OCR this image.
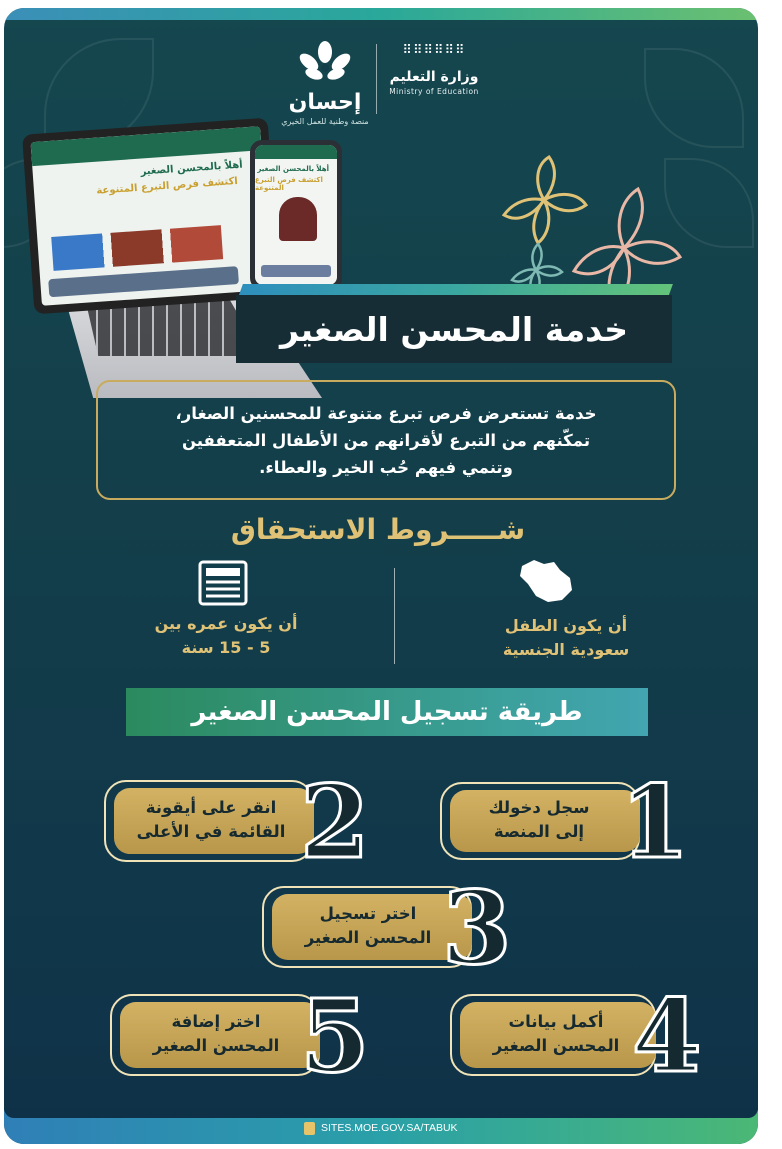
إحسان
منصة وطنية للعمل الخيري
⠿⠿⠿⠿⠿⠿
وزارة التعليم
Ministry of Education
أهلاً بالمحسن الصغير
اكتشف فرص التبرع المتنوعة
أهلاً بالمحسن الصغير
اكتشف فرص التبرع المتنوعة
خدمة المحسن الصغير

خدمة تستعرض فرص تبرع متنوعة للمحسنين الصغار،
تمكّنهم من التبرع لأقرانهم من الأطفال المتعففين
وتنمي فيهم حُب الخير والعطاء.

شـــــروط الاستحقاق
أن يكون الطفل
سعودية الجنسية
أن يكون عمره بين
5 - 15 سنة
طريقة تسجيل المحسن الصغير
سجل دخولك
إلى المنصة 1
انقر على أيقونة
القائمة في الأعلى 2
اختر تسجيل
المحسن الصغير 3
أكمل بيانات
المحسن الصغير 4
اختر إضافة
المحسن الصغير 5
SITES.MOE.GOV.SA/TABUK
